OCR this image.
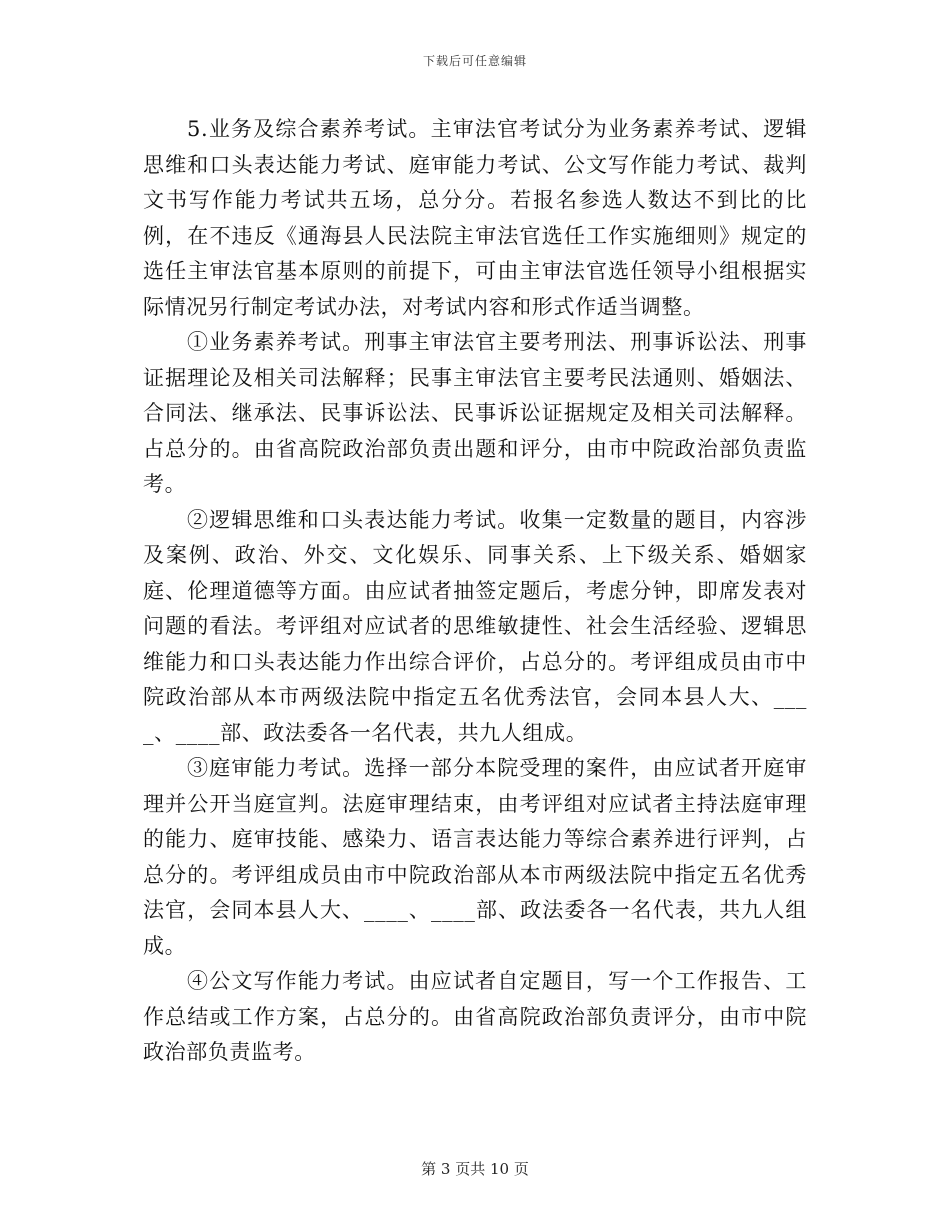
下载后可任意编辑

5.业务及综合素养考试。主审法官考试分为业务素养考试、逻辑思维和口头表达能力考试、庭审能力考试、公文写作能力考试、裁判文书写作能力考试共五场，总分分。若报名参选人数达不到比的比例，在不违反《通海县人民法院主审法官选任工作实施细则》规定的选任主审法官基本原则的前提下，可由主审法官选任领导小组根据实际情况另行制定考试办法，对考试内容和形式作适当调整。

①业务素养考试。刑事主审法官主要考刑法、刑事诉讼法、刑事证据理论及相关司法解释；民事主审法官主要考民法通则、婚姻法、合同法、继承法、民事诉讼法、民事诉讼证据规定及相关司法解释。占总分的。由省高院政治部负责出题和评分，由市中院政治部负责监考。

②逻辑思维和口头表达能力考试。收集一定数量的题目，内容涉及案例、政治、外交、文化娱乐、同事关系、上下级关系、婚姻家庭、伦理道德等方面。由应试者抽签定题后，考虑分钟，即席发表对问题的看法。考评组对应试者的思维敏捷性、社会生活经验、逻辑思维能力和口头表达能力作出综合评价，占总分的。考评组成员由市中院政治部从本市两级法院中指定五名优秀法官，会同本县人大、____、____部、政法委各一名代表，共九人组成。

③庭审能力考试。选择一部分本院受理的案件，由应试者开庭审理并公开当庭宣判。法庭审理结束，由考评组对应试者主持法庭审理的能力、庭审技能、感染力、语言表达能力等综合素养进行评判，占总分的。考评组成员由市中院政治部从本市两级法院中指定五名优秀法官，会同本县人大、____、____部、政法委各一名代表，共九人组成。

④公文写作能力考试。由应试者自定题目，写一个工作报告、工作总结或工作方案，占总分的。由省高院政治部负责评分，由市中院政治部负责监考。

第 3 页共 10 页
